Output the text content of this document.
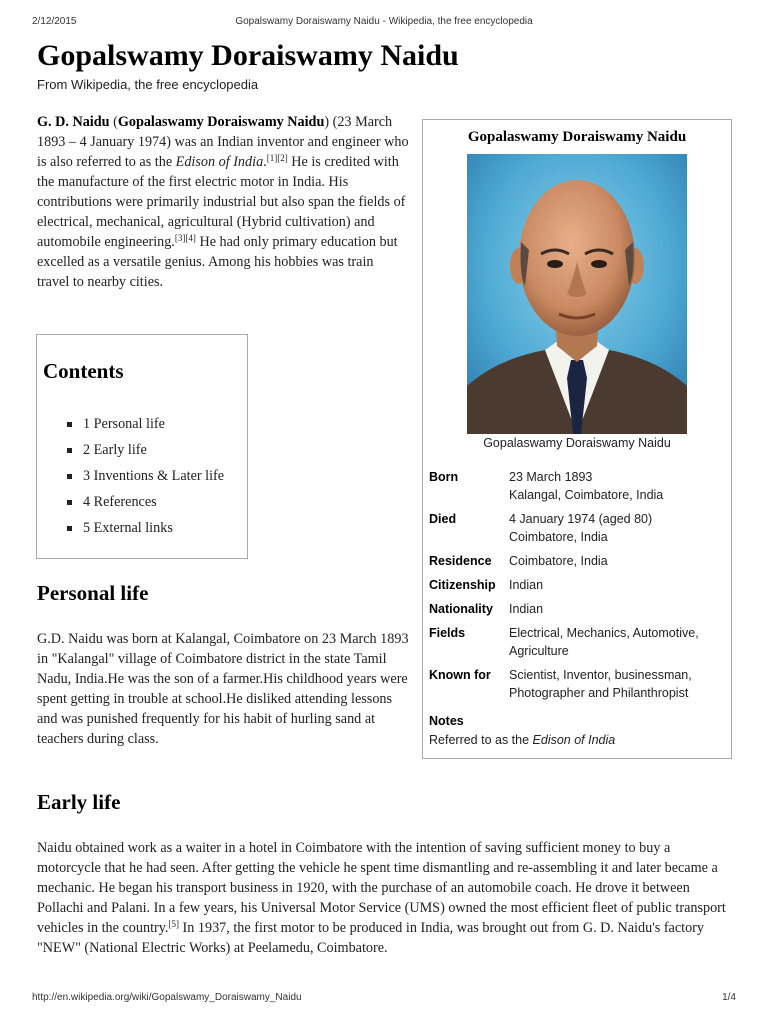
2/12/2015	Gopalswamy Doraiswamy Naidu - Wikipedia, the free encyclopedia
Gopalswamy Doraiswamy Naidu

From Wikipedia, the free encyclopedia

G. D. Naidu (Gopalaswamy Doraiswamy Naidu) (23 March 1893 – 4 January 1974) was an Indian inventor and engineer who is also referred to as the Edison of India.[1][2] He is credited with the manufacture of the first electric motor in India. His contributions were primarily industrial but also span the fields of electrical, mechanical, agricultural (Hybrid cultivation) and automobile engineering.[3][4] He had only primary education but excelled as a versatile genius. Among his hobbies was train travel to nearby cities.

Contents
1 Personal life
2 Early life
3 Inventions & Later life
4 References
5 External links
Personal life

G.D. Naidu was born at Kalangal, Coimbatore on 23 March 1893 in "Kalangal" village of Coimbatore district in the state Tamil Nadu, India.He was the son of a farmer.His childhood years were spent getting in trouble at school.He disliked attending lessons and was punished frequently for his habit of hurling sand at teachers during class.

Early life

Naidu obtained work as a waiter in a hotel in Coimbatore with the intention of saving sufficient money to buy a motorcycle that he had seen. After getting the vehicle he spent time dismantling and re-assembling it and later became a mechanic. He began his transport business in 1920, with the purchase of an automobile coach. He drove it between Pollachi and Palani. In a few years, his Universal Motor Service (UMS) owned the most efficient fleet of public transport vehicles in the country.[5] In 1937, the first motor to be produced in India, was brought out from G. D. Naidu's factory "NEW" (National Electric Works) at Peelamedu, Coimbatore.

Gopalaswamy Doraiswamy Naidu
Gopalaswamy Doraiswamy Naidu
Born	23 March 1893
Kalangal, Coimbatore, India
Died	4 January 1974 (aged 80)
Coimbatore, India
Residence	Coimbatore, India
Citizenship	Indian
Nationality	Indian
Fields	Electrical, Mechanics, Automotive,
Agriculture
Known for	Scientist, Inventor, businessman,
Photographer and Philanthropist
Notes
Referred to as the Edison of India
http://en.wikipedia.org/wiki/Gopalswamy_Doraiswamy_Naidu	1/4
